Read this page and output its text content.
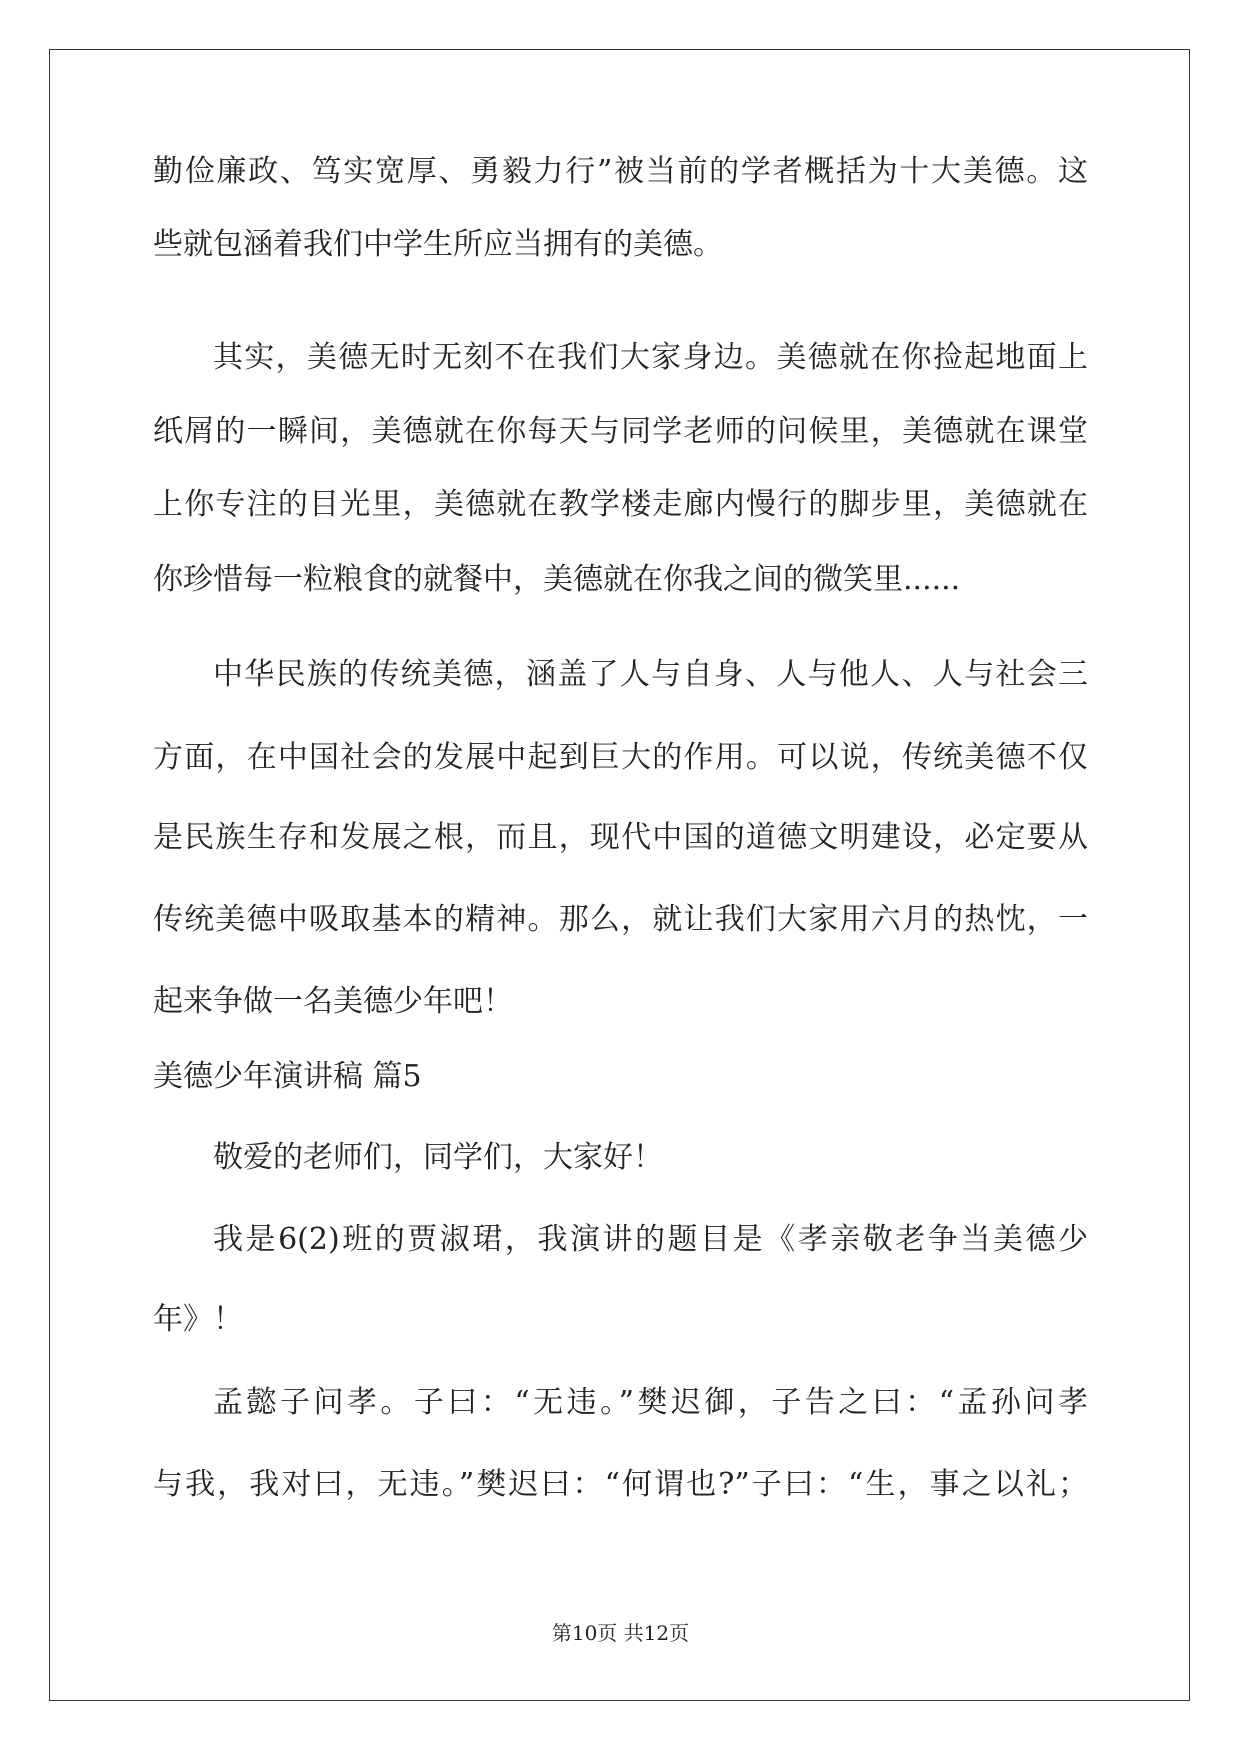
勤俭廉政、笃实宽厚、勇毅力行”被当前的学者概括为十大美德。这
些就包涵着我们中学生所应当拥有的美德。
其实，美德无时无刻不在我们大家身边。美德就在你捡起地面上
纸屑的一瞬间，美德就在你每天与同学老师的问候里，美德就在课堂
上你专注的目光里，美德就在教学楼走廊内慢行的脚步里，美德就在
你珍惜每一粒粮食的就餐中，美德就在你我之间的微笑里......
中华民族的传统美德，涵盖了人与自身、人与他人、人与社会三
方面，在中国社会的发展中起到巨大的作用。可以说，传统美德不仅
是民族生存和发展之根，而且，现代中国的道德文明建设，必定要从
传统美德中吸取基本的精神。那么，就让我们大家用六月的热忱，一
起来争做一名美德少年吧！
美德少年演讲稿 篇5
敬爱的老师们，同学们，大家好！
我是6(2)班的贾淑珺，我演讲的题目是《孝亲敬老争当美德少
年》！
孟懿子问孝。子曰：“无违。”樊迟御，子告之曰：“孟孙问孝
与我，我对曰，无违。”樊迟曰：“何谓也?”子曰：“生，事之以礼；
第10页 共12页
